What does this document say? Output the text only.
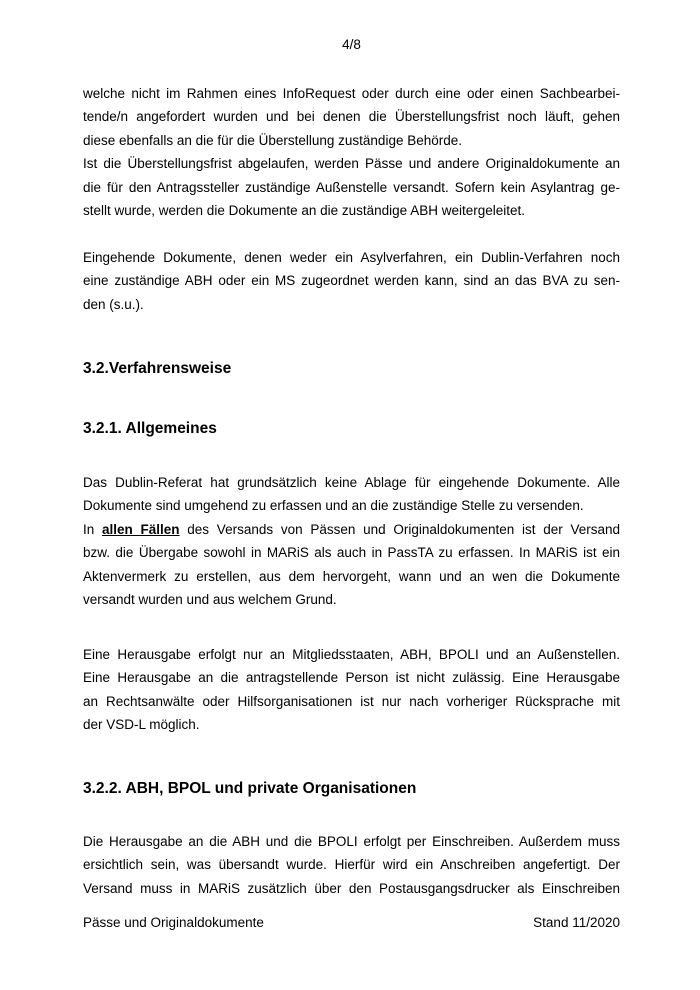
4/8
welche nicht im Rahmen eines InfoRequest oder durch eine oder einen Sachbearbei-
tende/n angefordert wurden und bei denen die Überstellungsfrist noch läuft, gehen
diese ebenfalls an die für die Überstellung zuständige Behörde.
Ist die Überstellungsfrist abgelaufen, werden Pässe und andere Originaldokumente an
die für den Antragssteller zuständige Außenstelle versandt. Sofern kein Asylantrag ge-
stellt wurde, werden die Dokumente an die zuständige ABH weitergeleitet.
Eingehende Dokumente, denen weder ein Asylverfahren, ein Dublin-Verfahren noch
eine zuständige ABH oder ein MS zugeordnet werden kann, sind an das BVA zu sen-
den (s.u.).
3.2.Verfahrensweise
3.2.1. Allgemeines
Das Dublin-Referat hat grundsätzlich keine Ablage für eingehende Dokumente. Alle
Dokumente sind umgehend zu erfassen und an die zuständige Stelle zu versenden.
In allen Fällen des Versands von Pässen und Originaldokumenten ist der Versand
bzw. die Übergabe sowohl in MARiS als auch in PassTA zu erfassen. In MARiS ist ein
Aktenvermerk zu erstellen, aus dem hervorgeht, wann und an wen die Dokumente
versandt wurden und aus welchem Grund.
Eine Herausgabe erfolgt nur an Mitgliedsstaaten, ABH, BPOLI und an Außenstellen.
Eine Herausgabe an die antragstellende Person ist nicht zulässig. Eine Herausgabe
an Rechtsanwälte oder Hilfsorganisationen ist nur nach vorheriger Rücksprache mit
der VSD-L möglich.
3.2.2. ABH, BPOL und private Organisationen
Die Herausgabe an die ABH und die BPOLI erfolgt per Einschreiben. Außerdem muss
ersichtlich sein, was übersandt wurde. Hierfür wird ein Anschreiben angefertigt. Der
Versand muss in MARiS zusätzlich über den Postausgangsdrucker als Einschreiben
Pässe und Originaldokumente	Stand 11/2020
